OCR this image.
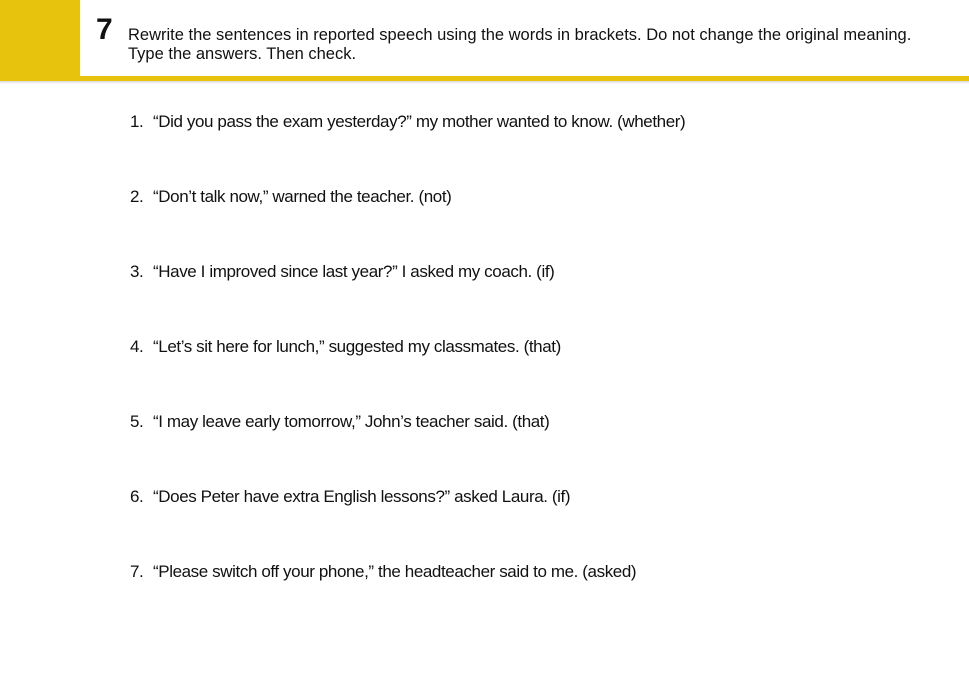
7 Rewrite the sentences in reported speech using the words in brackets. Do not change the original meaning. Type the answers. Then check.
1. “Did you pass the exam yesterday?” my mother wanted to know. (whether)
2. “Don’t talk now,” warned the teacher. (not)
3. “Have I improved since last year?” I asked my coach. (if)
4. “Let’s sit here for lunch,” suggested my classmates. (that)
5. “I may leave early tomorrow,” John’s teacher said. (that)
6. “Does Peter have extra English lessons?” asked Laura. (if)
7. “Please switch off your phone,” the headteacher said to me. (asked)
